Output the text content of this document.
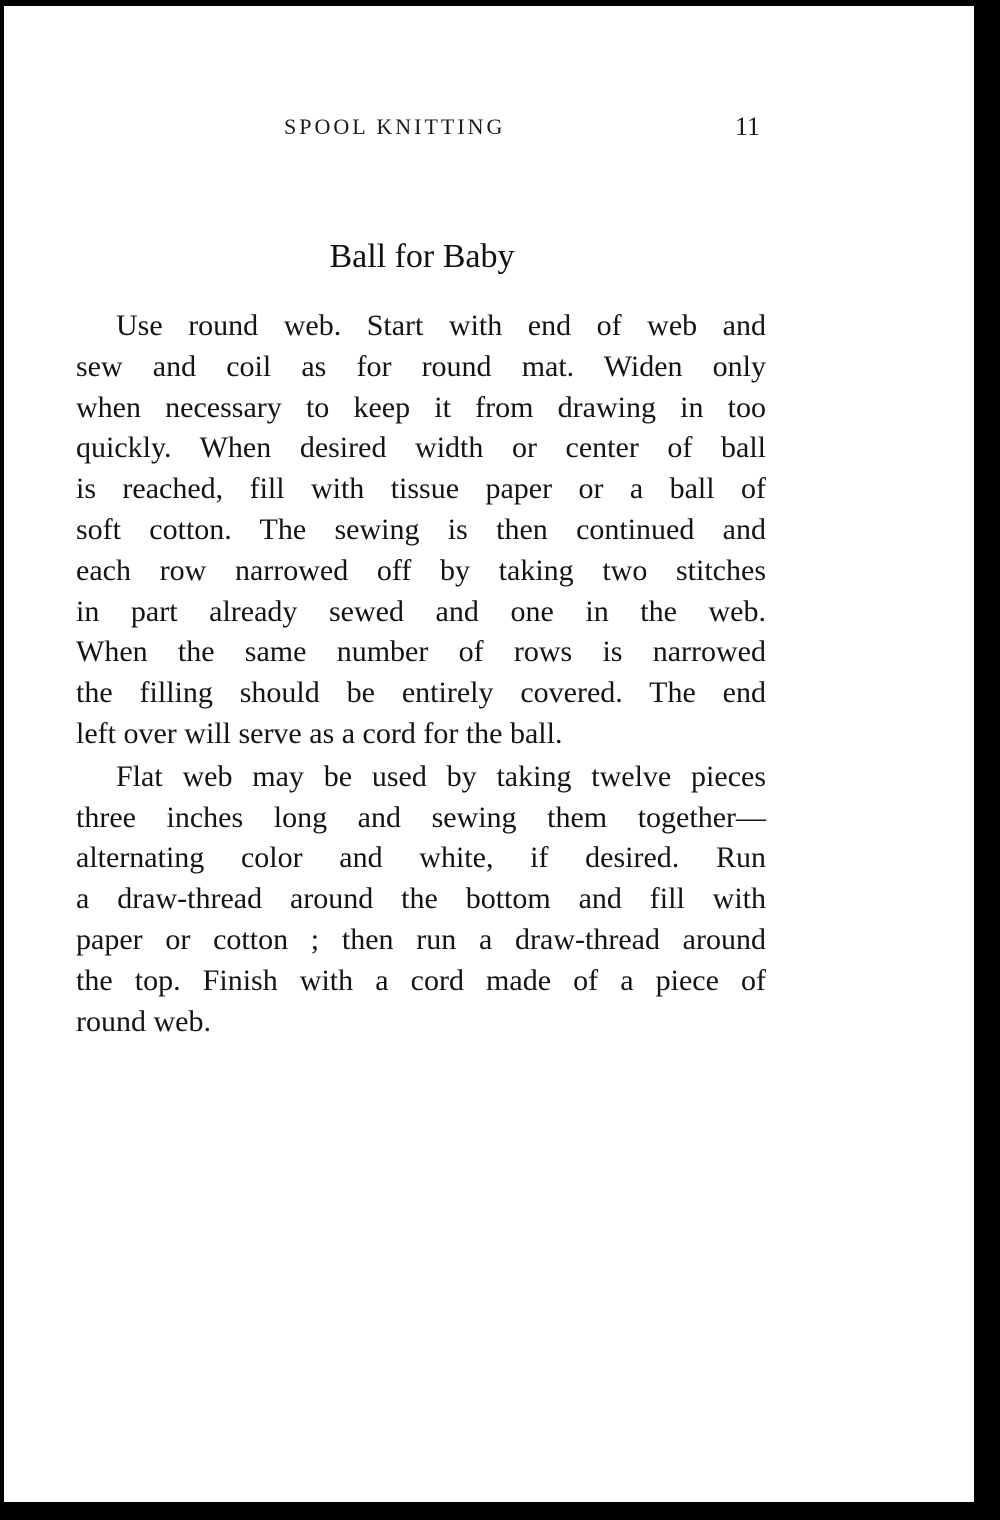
SPOOL KNITTING	11
Ball for Baby
Use round web. Start with end of web and
sew and coil as for round mat. Widen only
when necessary to keep it from drawing in too
quickly. When desired width or center of ball
is reached, fill with tissue paper or a ball of
soft cotton. The sewing is then continued and
each row narrowed off by taking two stitches
in part already sewed and one in the web.
When the same number of rows is narrowed
the filling should be entirely covered. The end
left over will serve as a cord for the ball.
Flat web may be used by taking twelve pieces
three inches long and sewing them together—
alternating color and white, if desired. Run
a draw-thread around the bottom and fill with
paper or cotton ; then run a draw-thread around
the top. Finish with a cord made of a piece of
round web.
